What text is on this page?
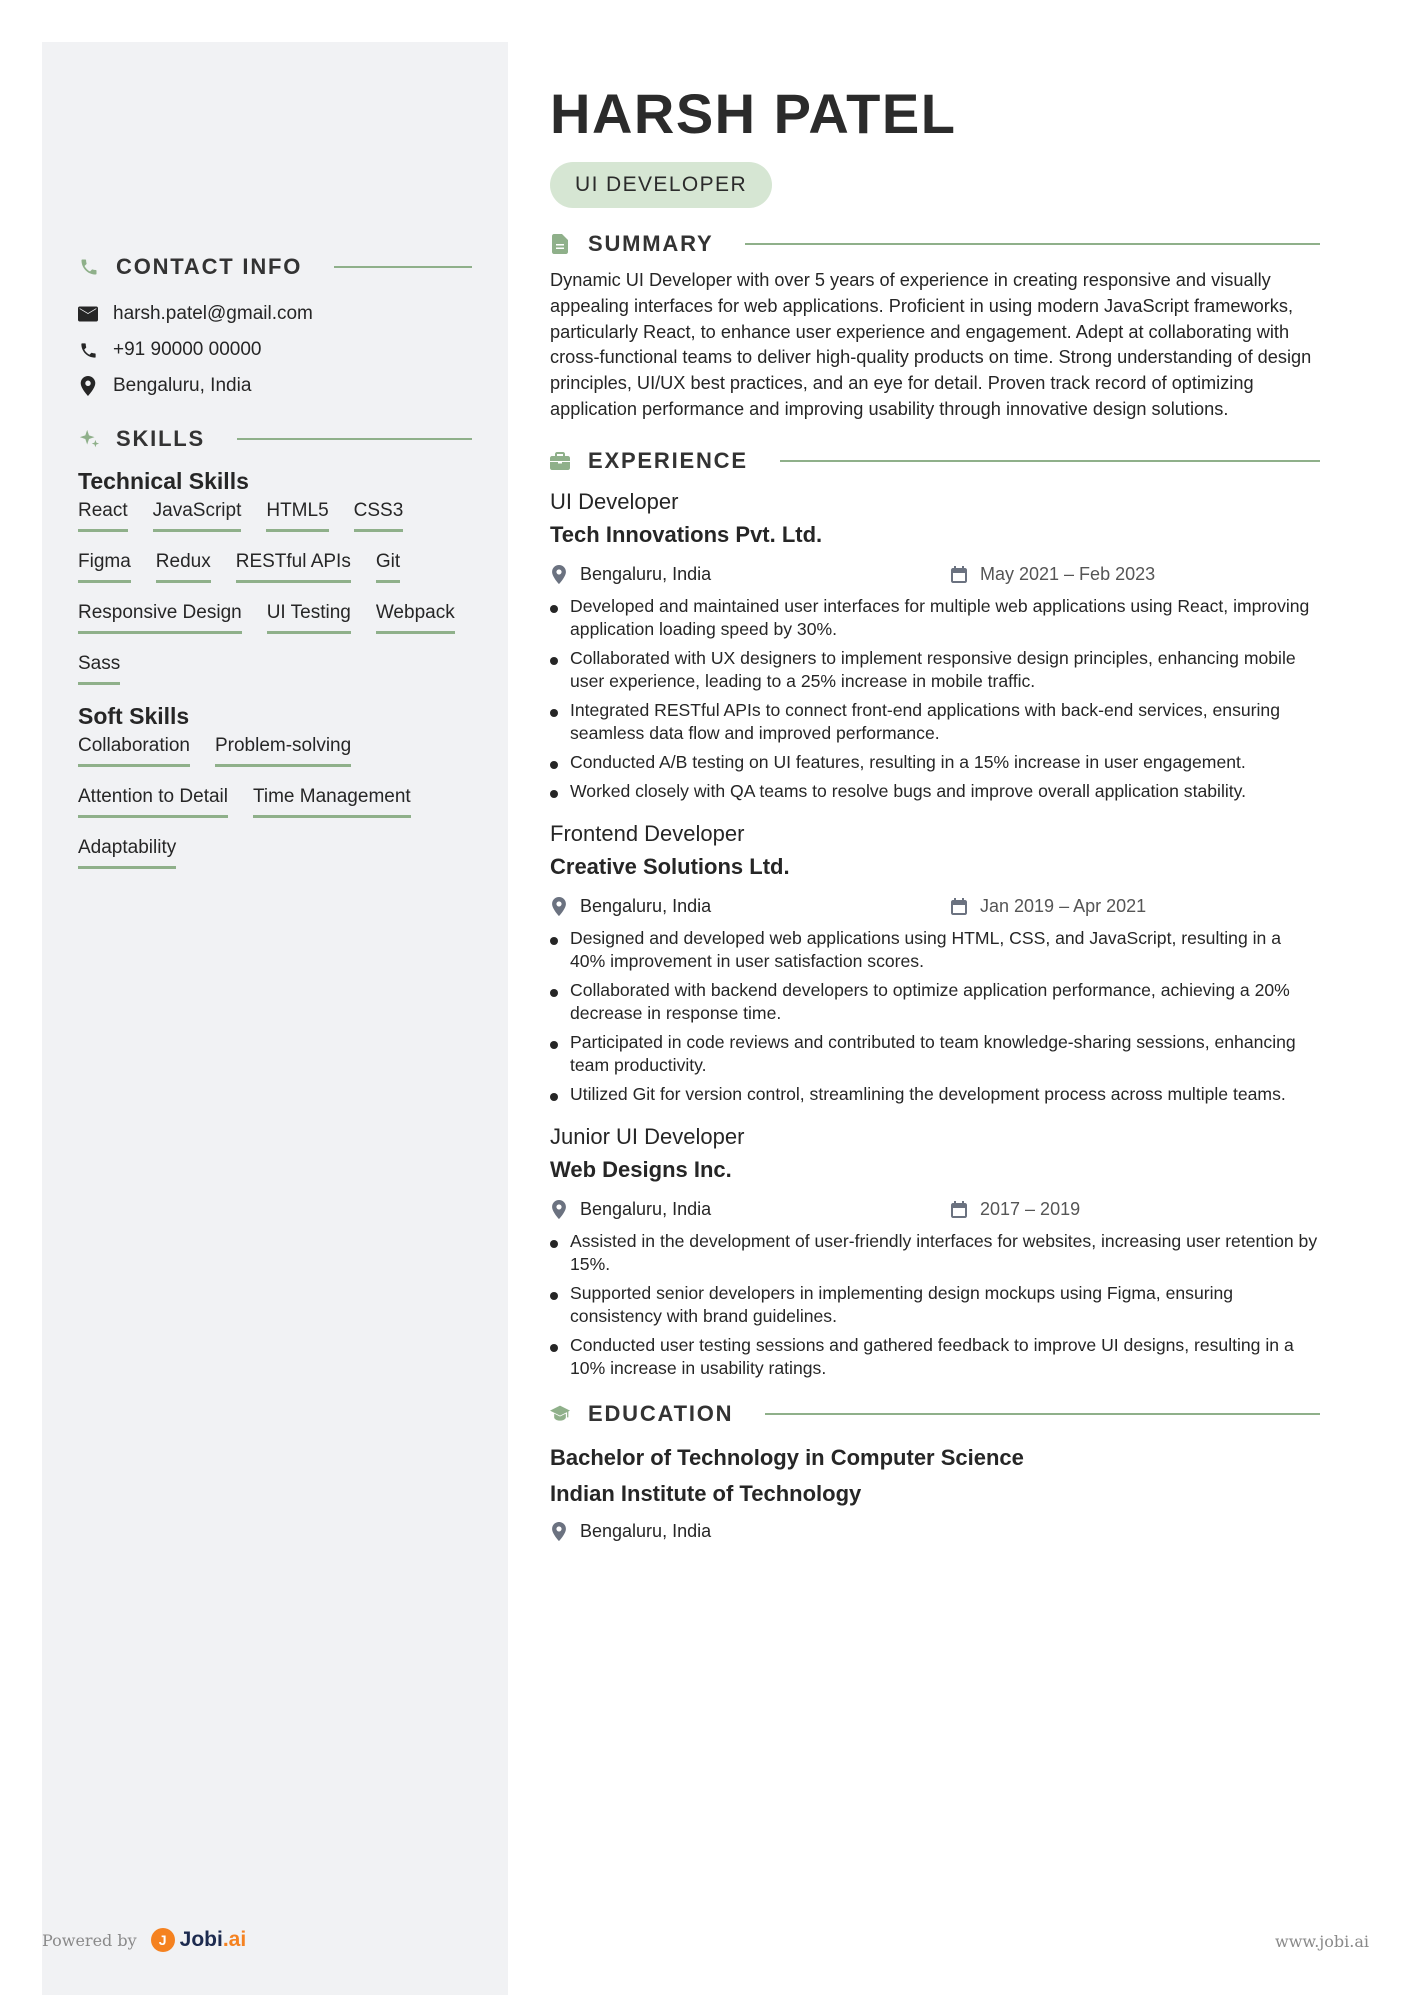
CONTACT INFO
harsh.patel@gmail.com
+91 90000 00000
Bengaluru, India
SKILLS
Technical Skills
React JavaScript HTML5 CSS3
Figma Redux RESTful APIs Git
Responsive Design UI Testing Webpack
Sass
Soft Skills
Collaboration Problem-solving
Attention to Detail Time Management
Adaptability
HARSH PATEL
UI DEVELOPER
SUMMARY

Dynamic UI Developer with over 5 years of experience in creating responsive and visually appealing interfaces for web applications. Proficient in using modern JavaScript frameworks, particularly React, to enhance user experience and engagement. Adept at collaborating with cross-functional teams to deliver high-quality products on time. Strong understanding of design principles, UI/UX best practices, and an eye for detail. Proven track record of optimizing application performance and improving usability through innovative design solutions.

EXPERIENCE
UI Developer
Tech Innovations Pvt. Ltd.
Bengaluru, India	May 2021 – Feb 2023
Developed and maintained user interfaces for multiple web applications using React, improving application loading speed by 30%.
Collaborated with UX designers to implement responsive design principles, enhancing mobile user experience, leading to a 25% increase in mobile traffic.
Integrated RESTful APIs to connect front-end applications with back-end services, ensuring seamless data flow and improved performance.
Conducted A/B testing on UI features, resulting in a 15% increase in user engagement.
Worked closely with QA teams to resolve bugs and improve overall application stability.
Frontend Developer
Creative Solutions Ltd.
Bengaluru, India	Jan 2019 – Apr 2021
Designed and developed web applications using HTML, CSS, and JavaScript, resulting in a 40% improvement in user satisfaction scores.
Collaborated with backend developers to optimize application performance, achieving a 20% decrease in response time.
Participated in code reviews and contributed to team knowledge-sharing sessions, enhancing team productivity.
Utilized Git for version control, streamlining the development process across multiple teams.
Junior UI Developer
Web Designs Inc.
Bengaluru, India	2017 – 2019
Assisted in the development of user-friendly interfaces for websites, increasing user retention by 15%.
Supported senior developers in implementing design mockups using Figma, ensuring consistency with brand guidelines.
Conducted user testing sessions and gathered feedback to improve UI designs, resulting in a 10% increase in usability ratings.
EDUCATION
Bachelor of Technology in Computer Science
Indian Institute of Technology
Bengaluru, India
Powered by	J Jobi .ai	www.jobi.ai
